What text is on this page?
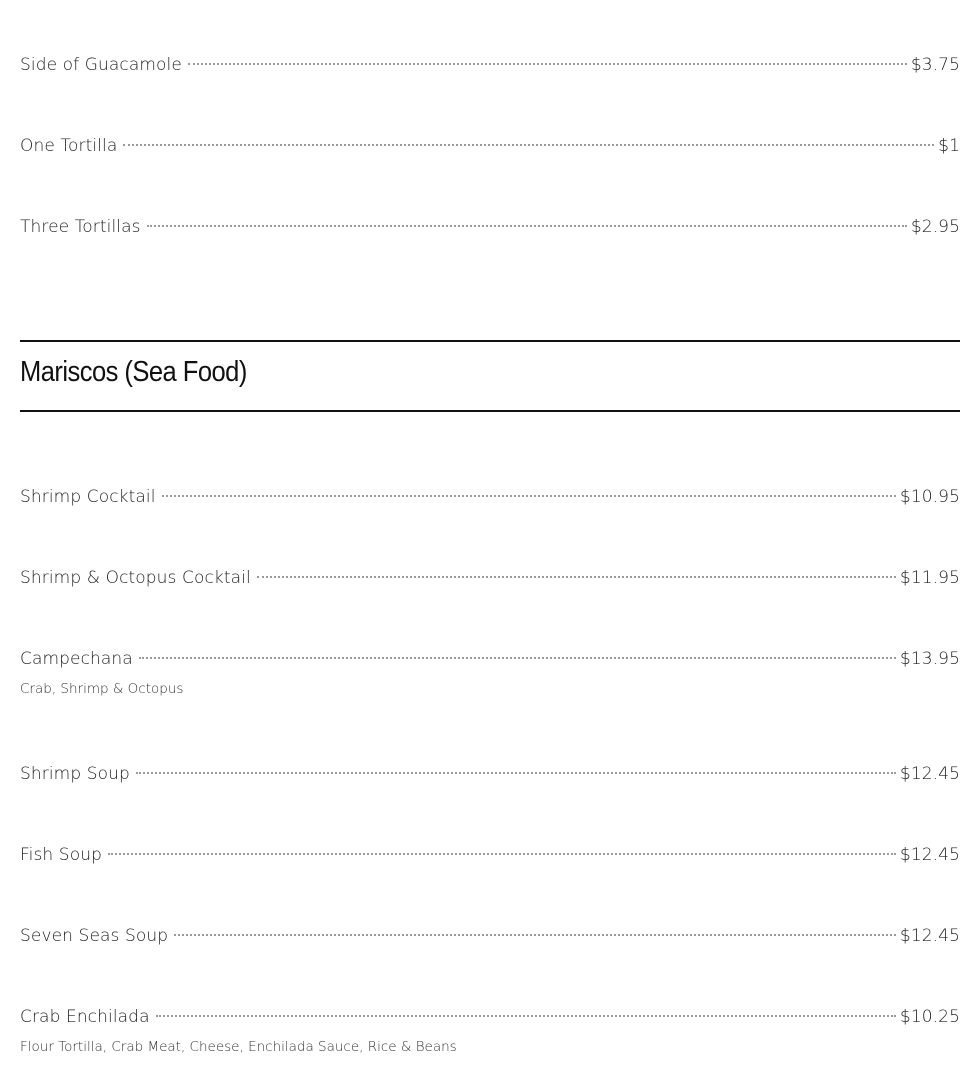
Side of Guacamole	$3.75
One Tortilla	$1
Three Tortillas	$2.95
Mariscos (Sea Food)
Shrimp Cocktail	$10.95
Shrimp & Octopus Cocktail	$11.95
Campechana	$13.95
Crab, Shrimp & Octopus
Shrimp Soup	$12.45
Fish Soup	$12.45
Seven Seas Soup	$12.45
Crab Enchilada	$10.25
Flour Tortilla, Crab Meat, Cheese, Enchilada Sauce, Rice & Beans
